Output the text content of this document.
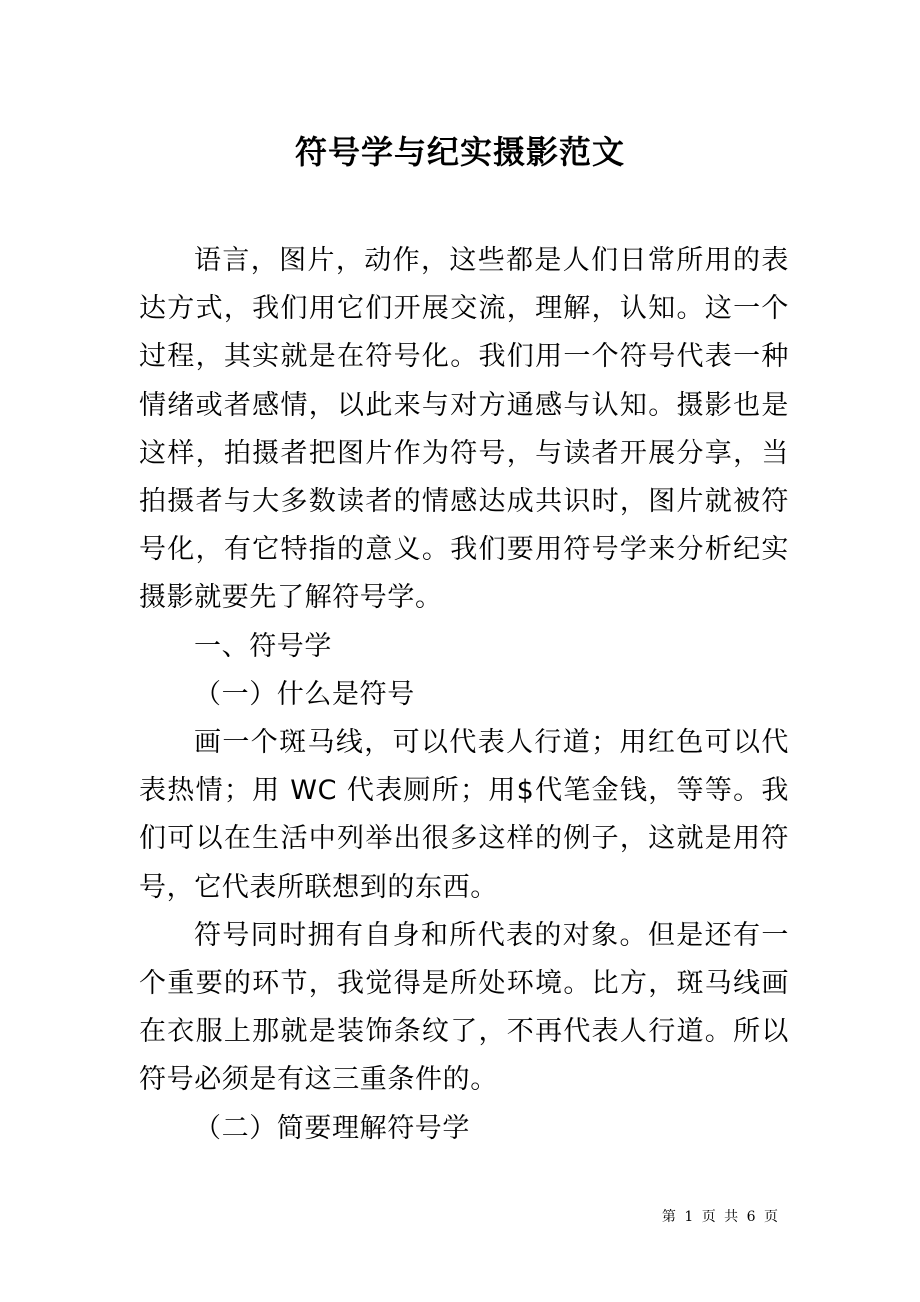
符号学与纪实摄影范文

语言，图片，动作，这些都是人们日常所用的表达方式，我们用它们开展交流，理解，认知。这一个过程，其实就是在符号化。我们用一个符号代表一种情绪或者感情，以此来与对方通感与认知。摄影也是这样，拍摄者把图片作为符号，与读者开展分享，当拍摄者与大多数读者的情感达成共识时，图片就被符号化，有它特指的意义。我们要用符号学来分析纪实摄影就要先了解符号学。

一、符号学

（一）什么是符号

画一个斑马线，可以代表人行道；用红色可以代表热情；用 WC 代表厕所；用$代笔金钱，等等。我们可以在生活中列举出很多这样的例子，这就是用符号，它代表所联想到的东西。

符号同时拥有自身和所代表的对象。但是还有一个重要的环节，我觉得是所处环境。比方，斑马线画在衣服上那就是装饰条纹了，不再代表人行道。所以符号必须是有这三重条件的。

（二）简要理解符号学

第 1 页 共 6 页
